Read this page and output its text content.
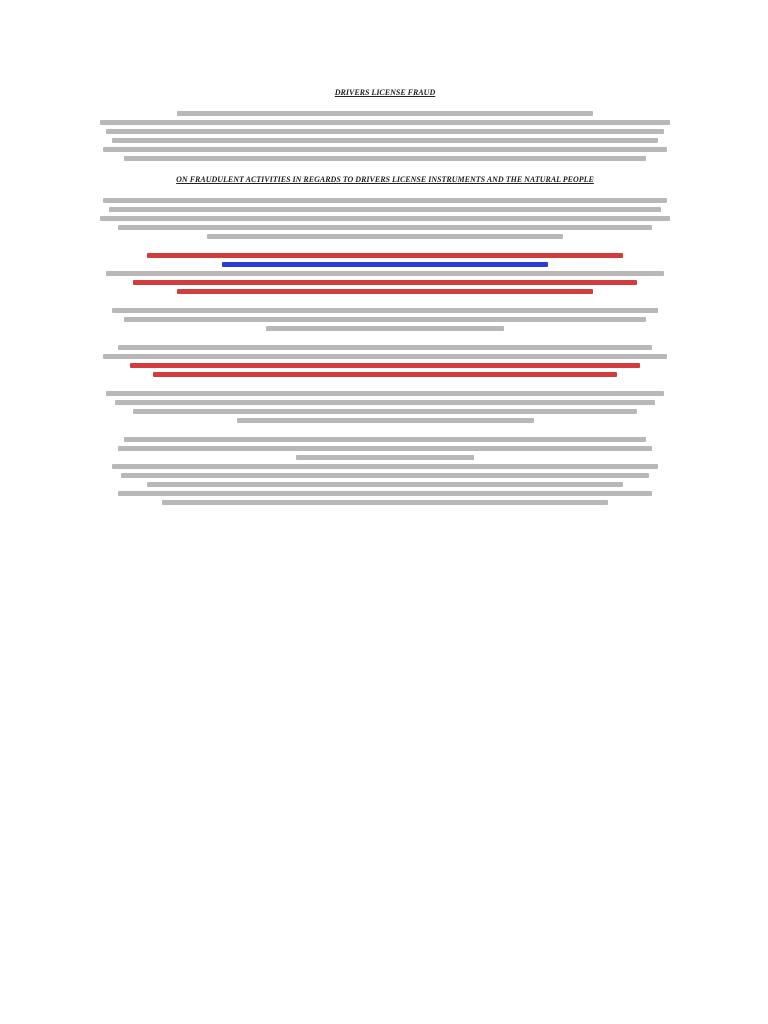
DRIVERS LICENSE FRAUD
ON FRAUDULENT ACTIVITIES IN REGARDS TO DRIVERS LICENSE INSTRUMENTS AND THE NATURAL PEOPLE
